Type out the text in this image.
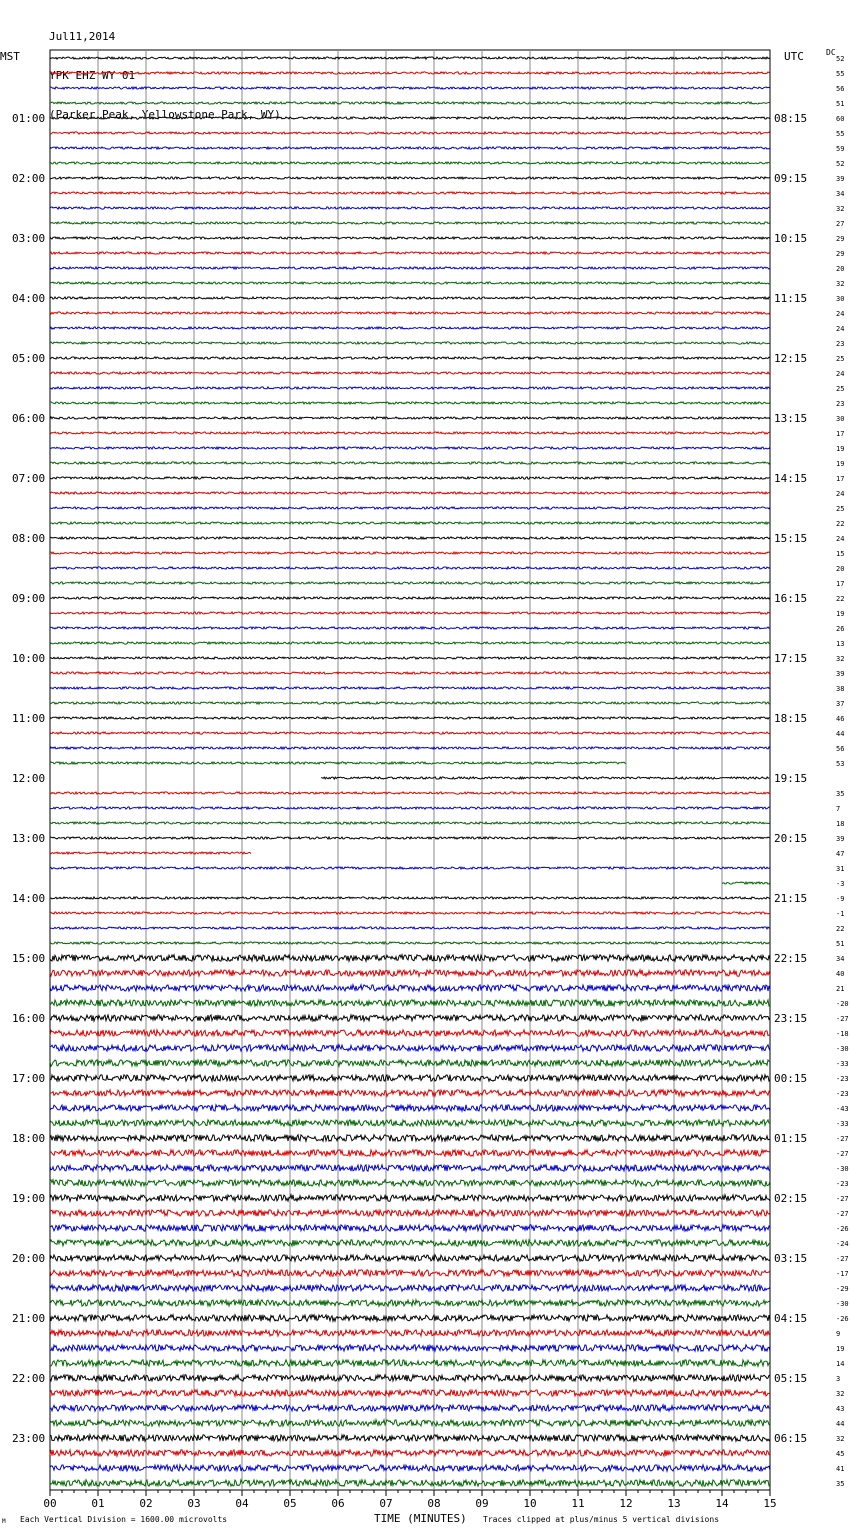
Jul11,2014

YPK EHZ WY 01

(Parker Peak, Yellowstone Park, WY)

MST	UTC	DC
52
55
56
51
60
55
59
52
39
34
32
27
29
29
20
32
30
24
24
23
25
24
25
23
30
17
19
19
17
24
25
22
24
15
20
17
22
19
26
13
32
39
38
37
46
44
56
53
35
7
18
39
47
31
-3
-9
-1
22
51
34
40
21
-20
-27
-18
-30
-33
-23
-23
-43
-33
-27
-27
-30
-23
-27
-27
-26
-24
-27
-17
-29
-30
-26
9
19
14
3
32
43
44
32
45
41
35
01:00
02:00
03:00
04:00
05:00
06:00
07:00
08:00
09:00
10:00
11:00
12:00
13:00
14:00
15:00
16:00
17:00
18:00
19:00
20:00
21:00
22:00
23:00
08:15
09:15
10:15
11:15
12:15
13:15
14:15
15:15
16:15
17:15
18:15
19:15
20:15
21:15
22:15
23:15
00:15
01:15
02:15
03:15
04:15
05:15
06:15
00	01	02	03	04	05	06	07	08	09	10	11	12	13	14	15
TIME (MINUTES)
M Each Vertical Division = 1600.00 microvolts	Traces clipped at plus/minus 5 vertical divisions
